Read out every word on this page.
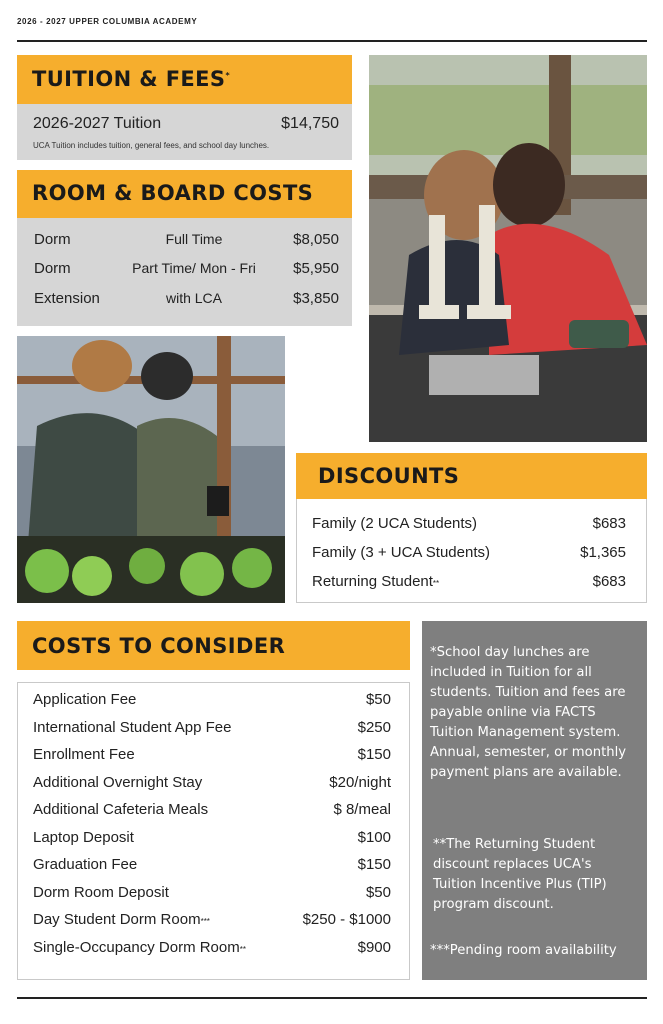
2026 - 2027 UPPER COLUMBIA ACADEMY
TUITION & FEES*
2026-2027 Tuition	$14,750
UCA Tuition includes tuition, general fees, and school day lunches.
ROOM & BOARD COSTS
Dorm	Full Time	$8,050
Dorm	Part Time/ Mon - Fri	$5,950
Extension	with LCA	$3,850
DISCOUNTS
Family (2 UCA Students)	$683
Family (3 + UCA Students)	$1,365
Returning Student **	$683
COSTS TO CONSIDER
Application Fee	$50
International Student App Fee	$250
Enrollment Fee	$150
Additional Overnight Stay	$20/night
Additional Cafeteria Meals	$ 8/meal
Laptop Deposit	$100
Graduation Fee	$150
Dorm Room Deposit	$50
Day Student Dorm Room ***	$250 - $1000
Single-Occupancy Dorm Room **	$900
*School day lunches are included in Tuition for all students. Tuition and fees are payable online via FACTS Tuition Management system. Annual, semester, or monthly payment plans are available.
**The Returning Student discount replaces UCA's Tuition Incentive Plus (TIP) program discount.
***Pending room availability
